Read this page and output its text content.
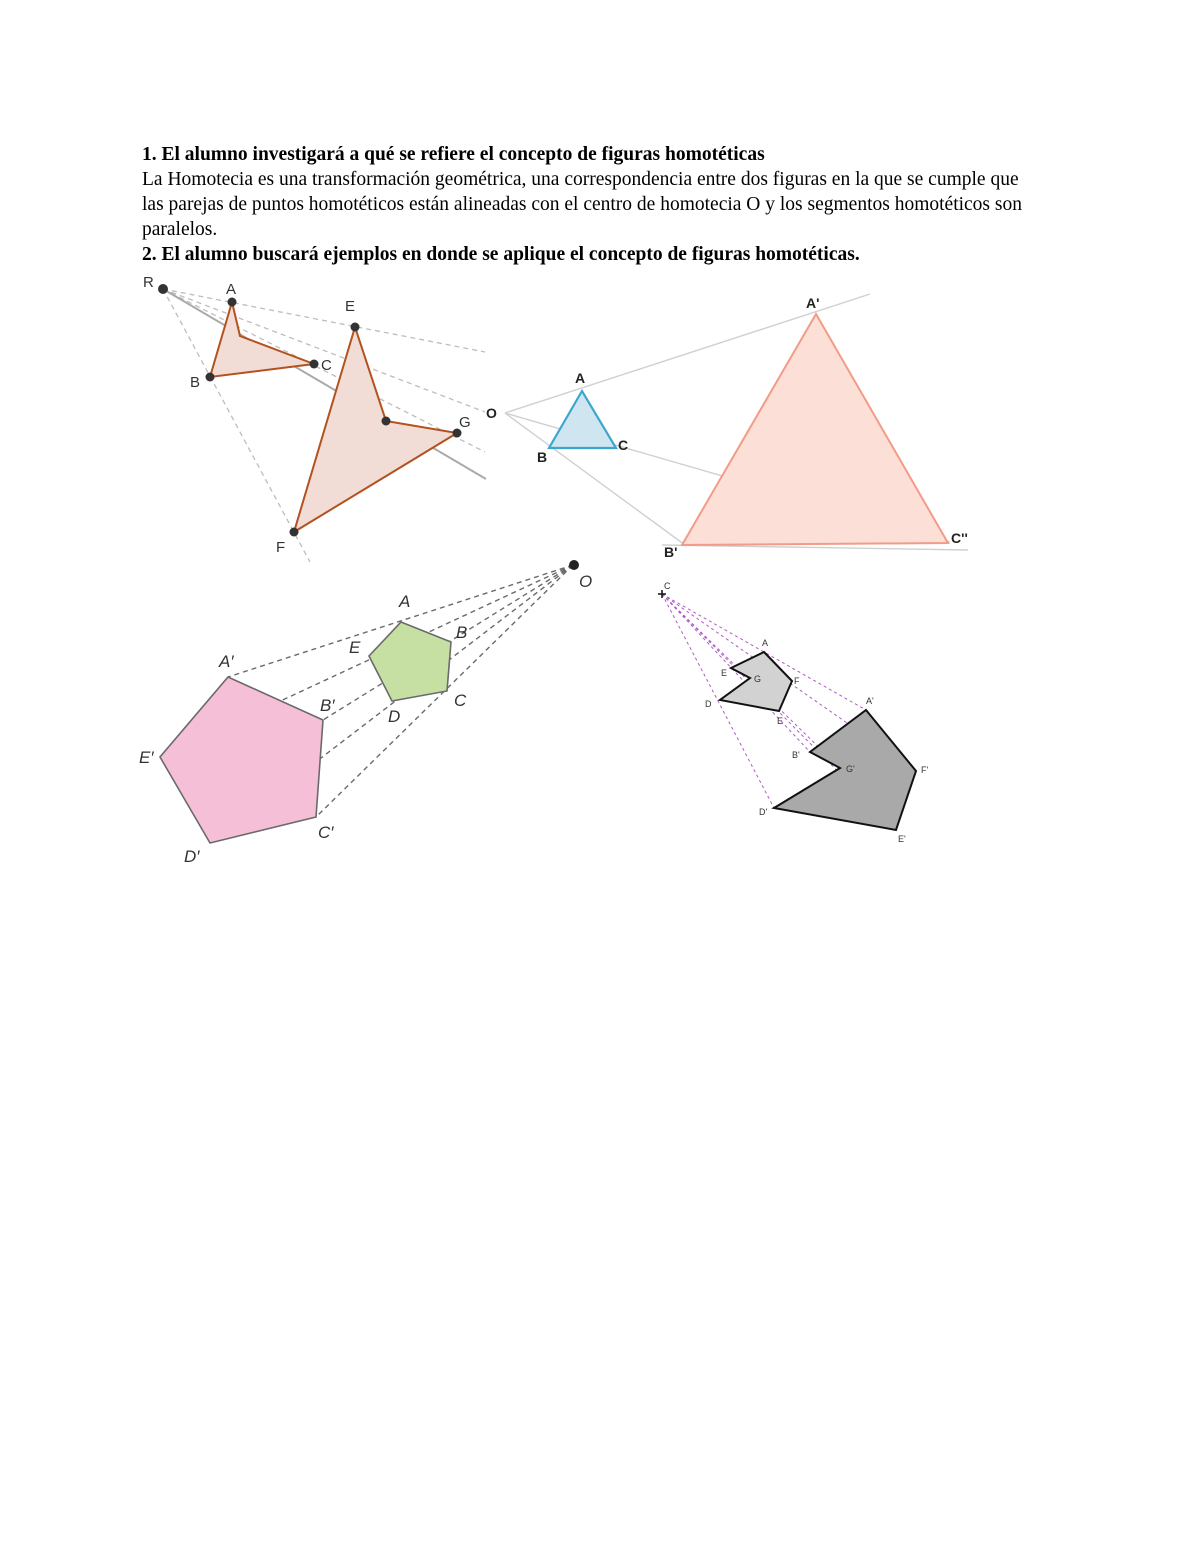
1. El alumno investigará a qué se refiere el concepto de figuras homotéticas

La Homotecia es una transformación geométrica, una correspondencia entre dos figuras en la que se cumple que las parejas de puntos homotéticos están alineadas con el centro de homotecia O y los segmentos homotéticos son paralelos.

2. El alumno buscará ejemplos en donde se aplique el concepto de figuras homotéticas.

R	A
B
C
E
F
G
O
A
B
C
A'
B'
C''
O
A
B
C
D
E
A′
B′
C′
D′
E′
C
A
E
G	F
D
E
A'
B'
G'	F'
D'
E'
